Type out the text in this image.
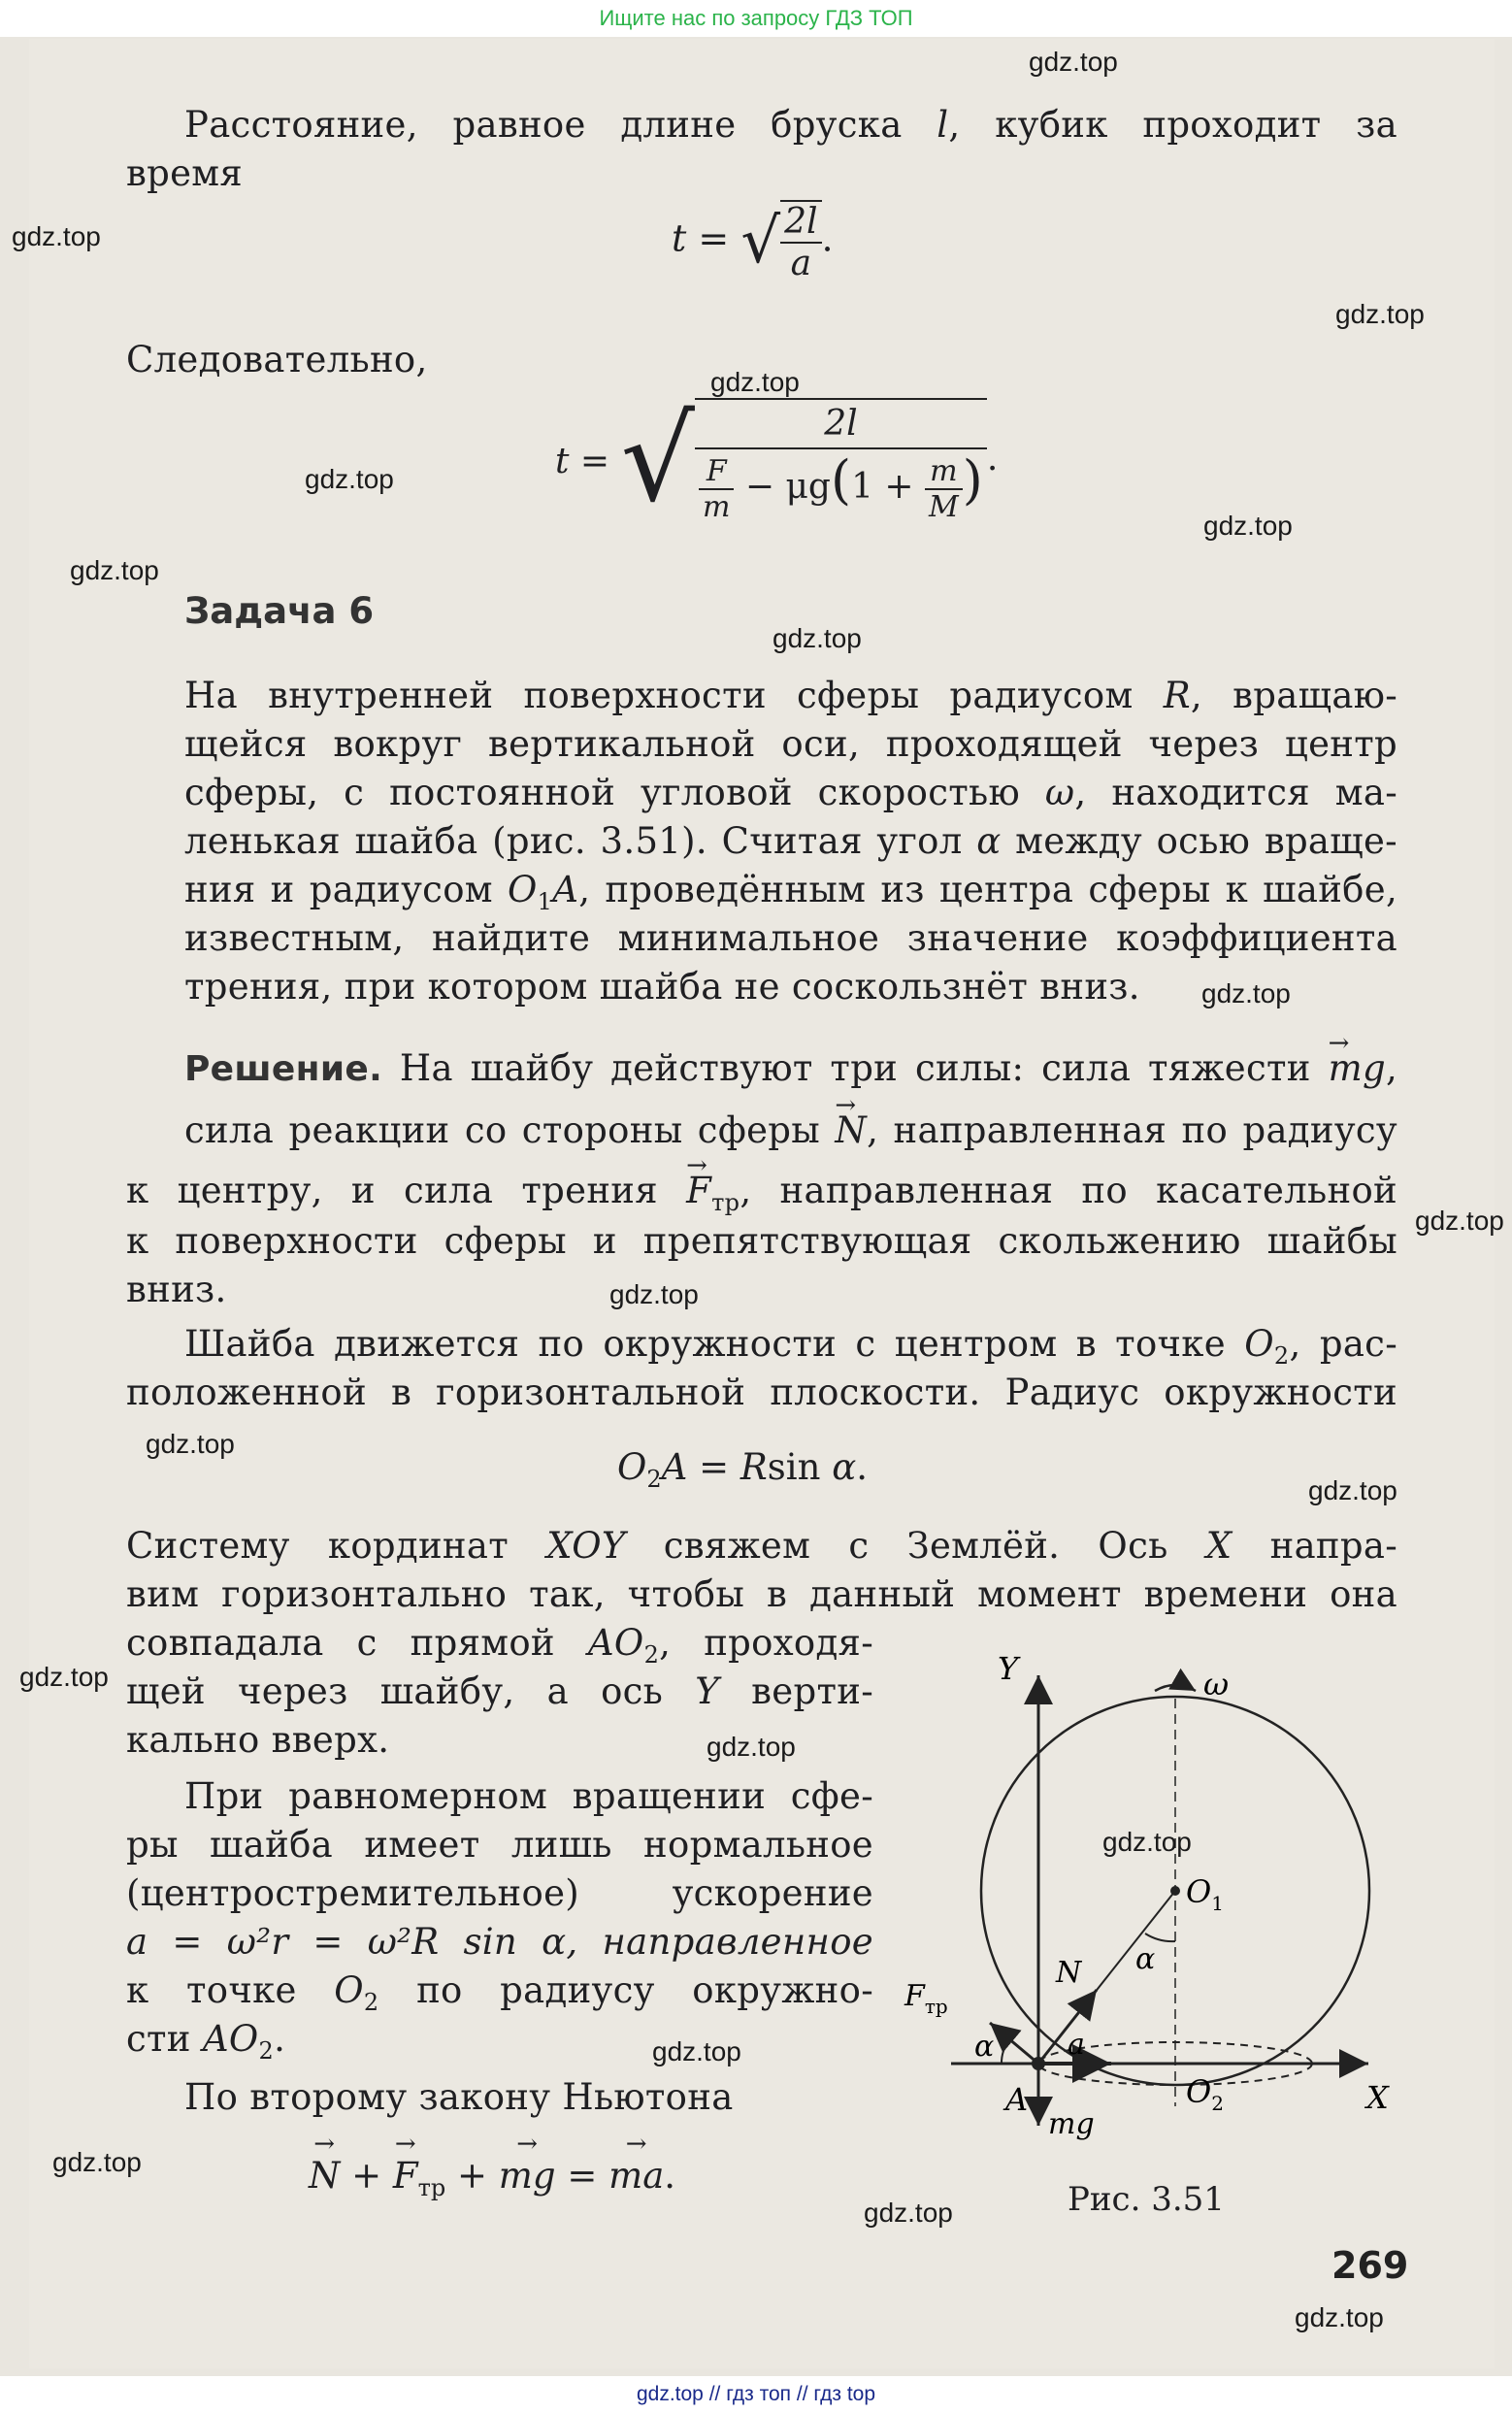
Ищите нас по запросу ГДЗ ТОП
Расстояние, равное длине бруска l, кубик проходит за
время
t = √ $\frac{2l}{a}$ .
Следовательно,
t = √ $\frac{2l}{\frac{F}{m} - \mu g(1 + \frac{m}{M} )}$ .
Задача 6
На внутренней поверхности сферы радиусом R, вращаю-
щейся вокруг вертикальной оси, проходящей через центр
сферы, с постоянной угловой скоростью ω, находится ма-
ленькая шайба (рис. 3.51). Считая угол α между осью враще-
ния и радиусом $O_1A$, проведённым из центра сферы к шайбе,
известным, найдите минимальное значение коэффициента
трения, при котором шайба не соскользнёт вниз.
Решение. На шайбу действуют три силы: сила тяжести → mg,
сила реакции со стороны сферы → N, направленная по радиусу
к центру, и сила трения → $F_{тр}$, направленная по касательной
к поверхности сферы и препятствующая скольжению шайбы
вниз.
Шайба движется по окружности с центром в точке $O_2$, рас-
положенной в горизонтальной плоскости. Радиус окружности
$O_2A = Rsin$ α.
Систему кординат XOY свяжем с Землёй. Ось X напра-
вим горизонтально так, чтобы в данный момент времени она
совпадала с прямой $AO_2$, проходя-
щей через шайбу, а ось Y верти-
кально вверх.
При равномерном вращении сфе-
ры шайба имеет лишь нормальное
(центростремительное)	ускорение
a = ω²r = ω²R sin α, направленное
к точке $O_2$ по радиусу окружно-
сти $AO_2$.
По второму закону Ньютона
→ N + → $F_{тр}$ + → mg = → ma.
Y
X
ω
$O_1$
$O_2$
A
α
α
N
$F_{тр}$
a
mg
Рис. 3.51
269
gdz.top
gdz.top
gdz.top
gdz.top
gdz.top
gdz.top
gdz.top
gdz.top
gdz.top
gdz.top
gdz.top
gdz.top
gdz.top
gdz.top
gdz.top
gdz.top
gdz.top
gdz.top
gdz.top
gdz.top
gdz.top // гдз топ // гдз top
